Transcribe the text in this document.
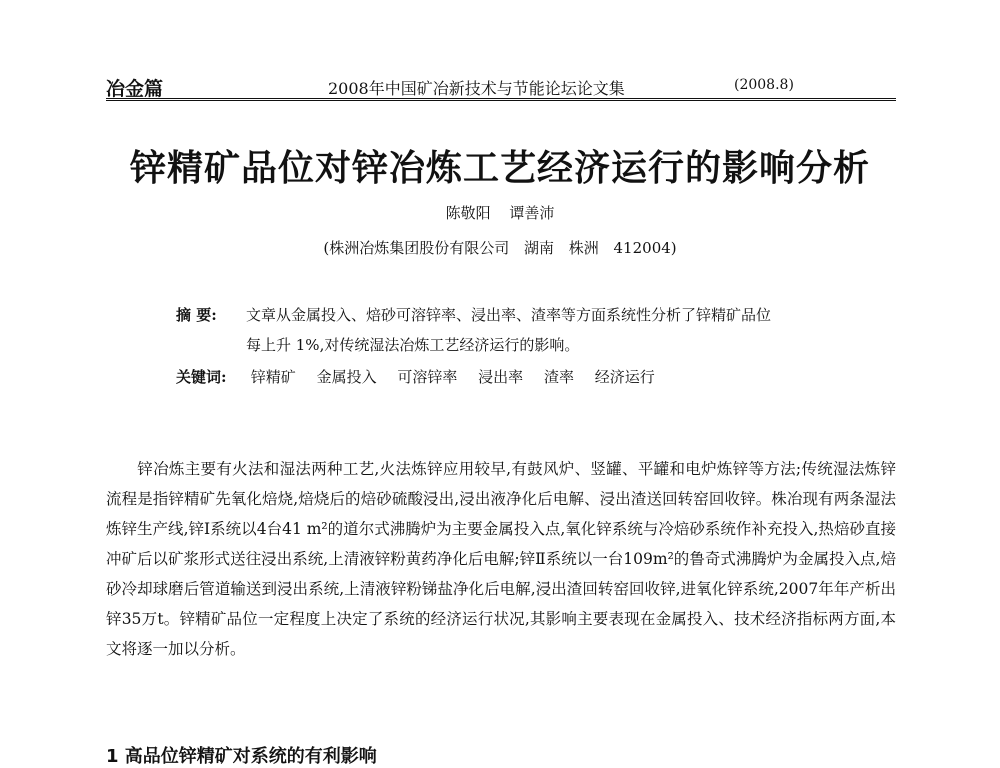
冶金篇	2008年中国矿冶新技术与节能论坛论文集	(2008.8)
锌精矿品位对锌冶炼工艺经济运行的影响分析
陈敬阳 谭善沛
(株洲冶炼集团股份有限公司 湖南 株洲 412004)
摘 要: 文章从金属投入、焙砂可溶锌率、浸出率、渣率等方面系统性分析了锌精矿品位
每上升 1%,对传统湿法冶炼工艺经济运行的影响。
关键词: 锌精矿 金属投入 可溶锌率 浸出率 渣率 经济运行
锌冶炼主要有火法和湿法两种工艺,火法炼锌应用较早,有鼓风炉、竖罐、平罐和电炉炼锌等方法;传统湿法炼锌流程是指锌精矿先氧化焙烧,焙烧后的焙砂硫酸浸出,浸出液净化后电解、浸出渣送回转窑回收锌。株冶现有两条湿法炼锌生产线,锌Ⅰ系统以4台41 m²的道尔式沸腾炉为主要金属投入点,氧化锌系统与冷焙砂系统作补充投入,热焙砂直接冲矿后以矿浆形式送往浸出系统,上清液锌粉黄药净化后电解;锌Ⅱ系统以一台109m²的鲁奇式沸腾炉为金属投入点,焙砂冷却球磨后管道输送到浸出系统,上清液锌粉锑盐净化后电解,浸出渣回转窑回收锌,进氧化锌系统,2007年年产析出锌35万t。锌精矿品位一定程度上决定了系统的经济运行状况,其影响主要表现在金属投入、技术经济指标两方面,本文将逐一加以分析。
1 高品位锌精矿对系统的有利影响
